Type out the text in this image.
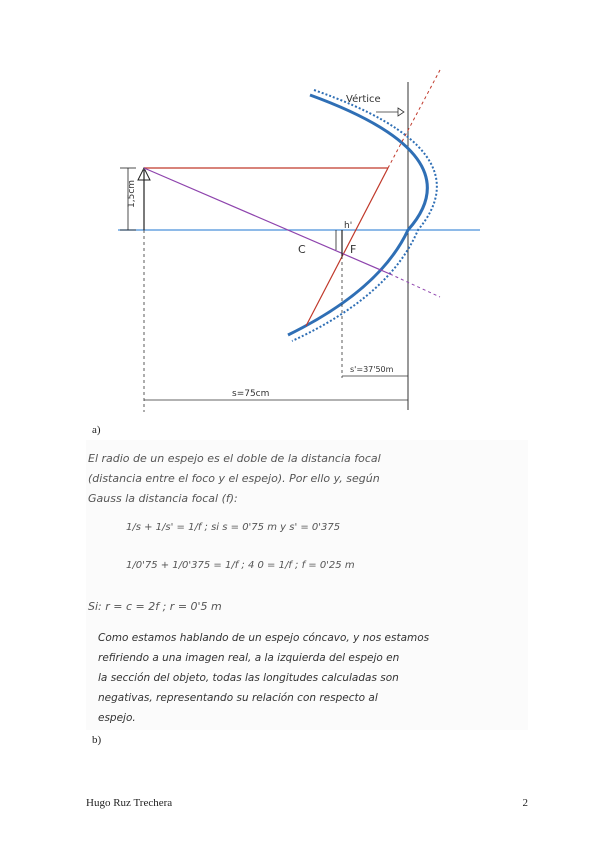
1,5cm
h'
C	F
Vértice
s'=37'50m
s=75cm
a)
El radio de un espejo es el doble de la distancia focal
(distancia entre el foco y el espejo). Por ello y, según
Gauss la distancia focal (f):
1/s + 1/s' = 1/f ; si s = 0'75 m y s' = 0'375
1/0'75 + 1/0'375 = 1/f ; 4 0 = 1/f ; f = 0'25 m
Si: r = c = 2f ; r = 0'5 m
Como estamos hablando de un espejo cóncavo, y nos estamos
refiriendo a una imagen real, a la izquierda del espejo en
la sección del objeto, todas las longitudes calculadas son
negativas, representando su relación con respecto al
espejo.
b)
Hugo Ruz Trechera	2
